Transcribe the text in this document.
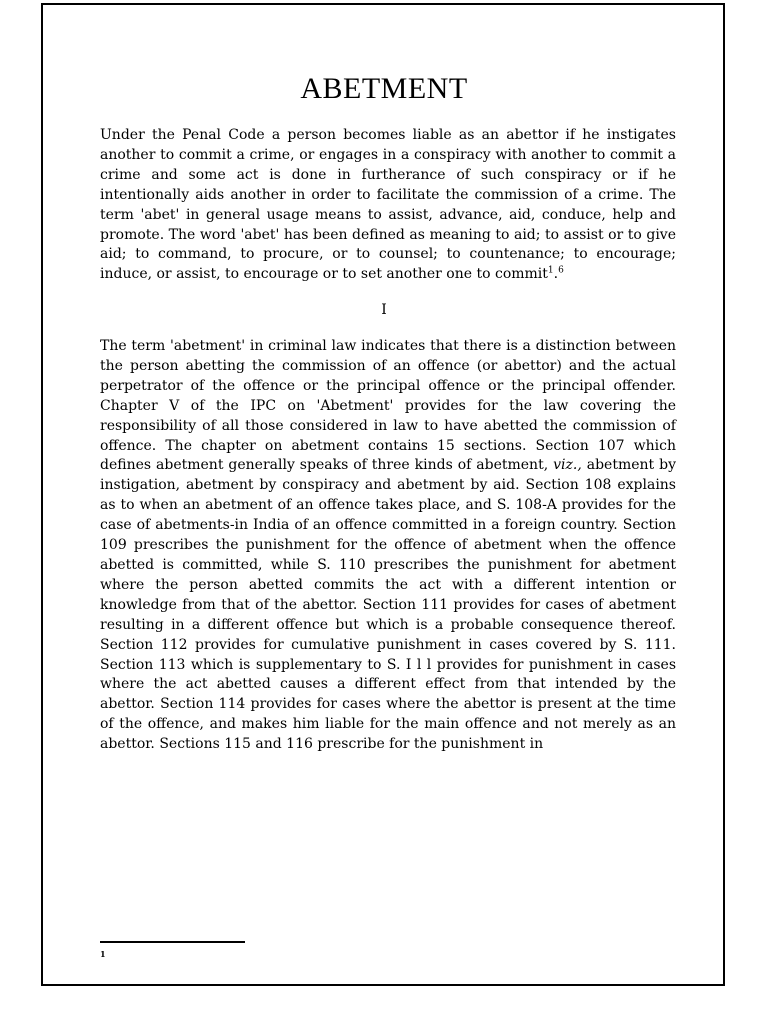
ABETMENT

Under the Penal Code a person becomes liable as an abettor if he instigates another to commit a crime, or engages in a conspiracy with another to commit a crime and some act is done in furtherance of such conspiracy or if he intentionally aids another in order to facilitate the commission of a crime. The term 'abet' in general usage means to assist, advance, aid, conduce, help and promote. The word 'abet' has been defined as meaning to aid; to assist or to give aid; to command, to procure, or to counsel; to countenance; to encourage; induce, or assist, to encourage or to set another one to commit$^1$.$^6$

I

The term 'abetment' in criminal law indicates that there is a distinction between the person abetting the commission of an offence (or abettor) and the actual perpetrator of the offence or the principal offence or the principal offender. Chapter V of the IPC on 'Abetment' provides for the law covering the responsibility of all those considered in law to have abetted the commission of offence. The chapter on abetment contains 15 sections. Section 107 which defines abetment generally speaks of three kinds of abetment, viz., abetment by instigation, abetment by conspiracy and abetment by aid. Section 108 explains as to when an abetment of an offence takes place, and S. 108-A provides for the case of abetments-in India of an offence committed in a foreign country. Section 109 prescribes the punishment for the offence of abetment when the offence abetted is committed, while S. 110 prescribes the punishment for abetment where the person abetted commits the act with a different intention or knowledge from that of the abettor. Section 111 provides for cases of abetment resulting in a different offence but which is a probable consequence thereof. Section 112 provides for cumulative punishment in cases covered by S. 111. Section 113 which is supplementary to S. I l l provides for punishment in cases where the act abetted causes a different effect from that intended by the abettor. Section 114 provides for cases where the abettor is present at the time of the offence, and makes him liable for the main offence and not merely as an abettor. Sections 115 and 116 prescribe for the punishment in

1
